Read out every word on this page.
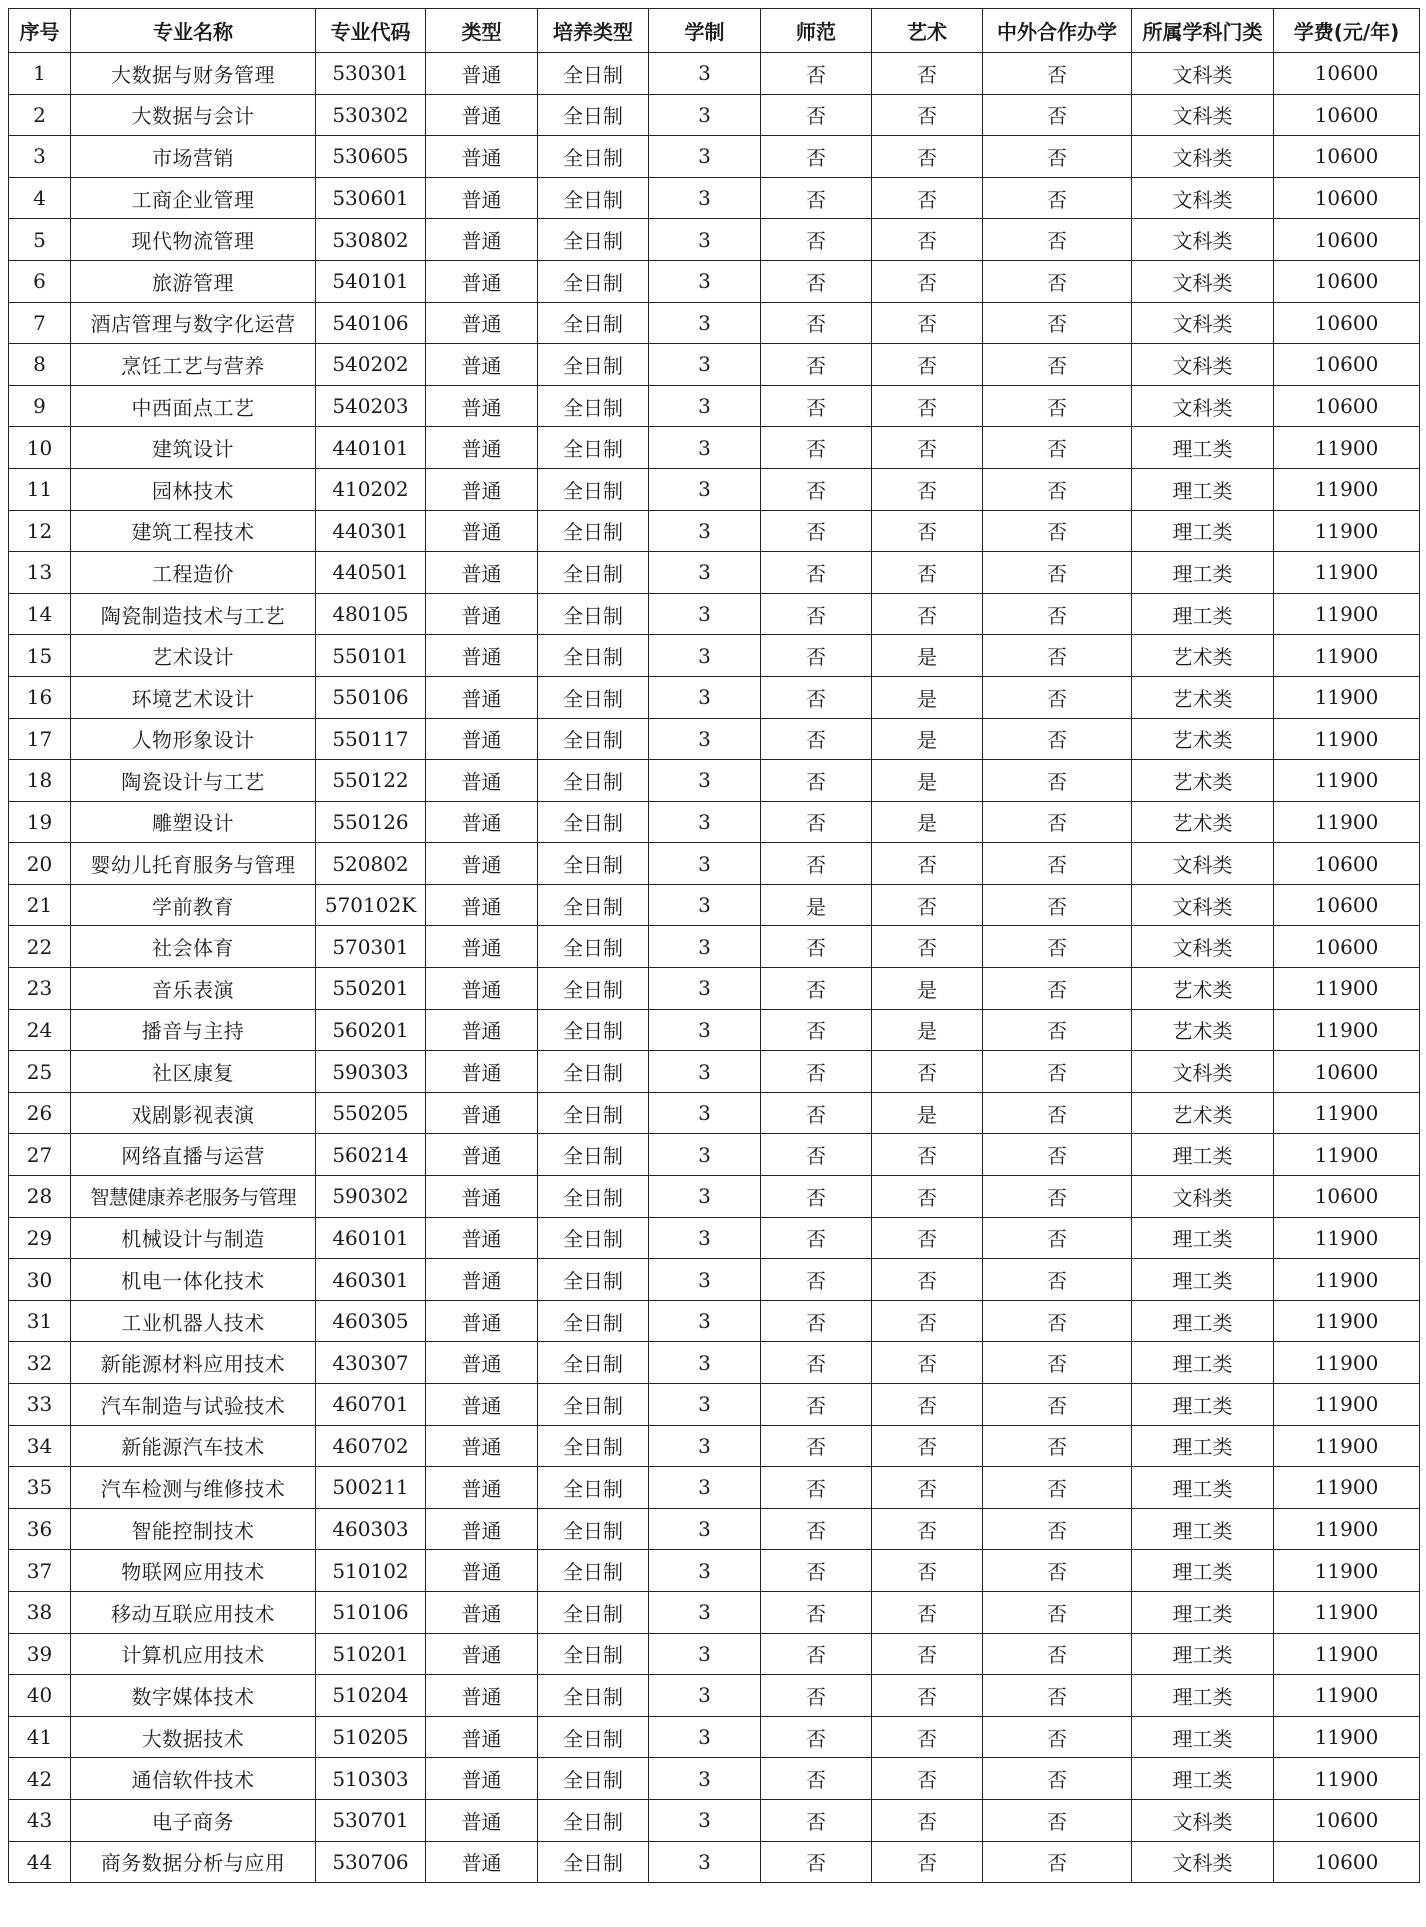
序号	专业名称	专业代码	类型	培养类型	学制	师范	艺术	中外合作办学	所属学科门类	学费(元/年)
1	大数据与财务管理	530301	普通	全日制	3	否	否	否	文科类	10600
2	大数据与会计	530302	普通	全日制	3	否	否	否	文科类	10600
3	市场营销	530605	普通	全日制	3	否	否	否	文科类	10600
4	工商企业管理	530601	普通	全日制	3	否	否	否	文科类	10600
5	现代物流管理	530802	普通	全日制	3	否	否	否	文科类	10600
6	旅游管理	540101	普通	全日制	3	否	否	否	文科类	10600
7	酒店管理与数字化运营	540106	普通	全日制	3	否	否	否	文科类	10600
8	烹饪工艺与营养	540202	普通	全日制	3	否	否	否	文科类	10600
9	中西面点工艺	540203	普通	全日制	3	否	否	否	文科类	10600
10	建筑设计	440101	普通	全日制	3	否	否	否	理工类	11900
11	园林技术	410202	普通	全日制	3	否	否	否	理工类	11900
12	建筑工程技术	440301	普通	全日制	3	否	否	否	理工类	11900
13	工程造价	440501	普通	全日制	3	否	否	否	理工类	11900
14	陶瓷制造技术与工艺	480105	普通	全日制	3	否	否	否	理工类	11900
15	艺术设计	550101	普通	全日制	3	否	是	否	艺术类	11900
16	环境艺术设计	550106	普通	全日制	3	否	是	否	艺术类	11900
17	人物形象设计	550117	普通	全日制	3	否	是	否	艺术类	11900
18	陶瓷设计与工艺	550122	普通	全日制	3	否	是	否	艺术类	11900
19	雕塑设计	550126	普通	全日制	3	否	是	否	艺术类	11900
20	婴幼儿托育服务与管理	520802	普通	全日制	3	否	否	否	文科类	10600
21	学前教育	570102K	普通	全日制	3	是	否	否	文科类	10600
22	社会体育	570301	普通	全日制	3	否	否	否	文科类	10600
23	音乐表演	550201	普通	全日制	3	否	是	否	艺术类	11900
24	播音与主持	560201	普通	全日制	3	否	是	否	艺术类	11900
25	社区康复	590303	普通	全日制	3	否	否	否	文科类	10600
26	戏剧影视表演	550205	普通	全日制	3	否	是	否	艺术类	11900
27	网络直播与运营	560214	普通	全日制	3	否	否	否	理工类	11900
28	智慧健康养老服务与管理	590302	普通	全日制	3	否	否	否	文科类	10600
29	机械设计与制造	460101	普通	全日制	3	否	否	否	理工类	11900
30	机电一体化技术	460301	普通	全日制	3	否	否	否	理工类	11900
31	工业机器人技术	460305	普通	全日制	3	否	否	否	理工类	11900
32	新能源材料应用技术	430307	普通	全日制	3	否	否	否	理工类	11900
33	汽车制造与试验技术	460701	普通	全日制	3	否	否	否	理工类	11900
34	新能源汽车技术	460702	普通	全日制	3	否	否	否	理工类	11900
35	汽车检测与维修技术	500211	普通	全日制	3	否	否	否	理工类	11900
36	智能控制技术	460303	普通	全日制	3	否	否	否	理工类	11900
37	物联网应用技术	510102	普通	全日制	3	否	否	否	理工类	11900
38	移动互联应用技术	510106	普通	全日制	3	否	否	否	理工类	11900
39	计算机应用技术	510201	普通	全日制	3	否	否	否	理工类	11900
40	数字媒体技术	510204	普通	全日制	3	否	否	否	理工类	11900
41	大数据技术	510205	普通	全日制	3	否	否	否	理工类	11900
42	通信软件技术	510303	普通	全日制	3	否	否	否	理工类	11900
43	电子商务	530701	普通	全日制	3	否	否	否	文科类	10600
44	商务数据分析与应用	530706	普通	全日制	3	否	否	否	文科类	10600
